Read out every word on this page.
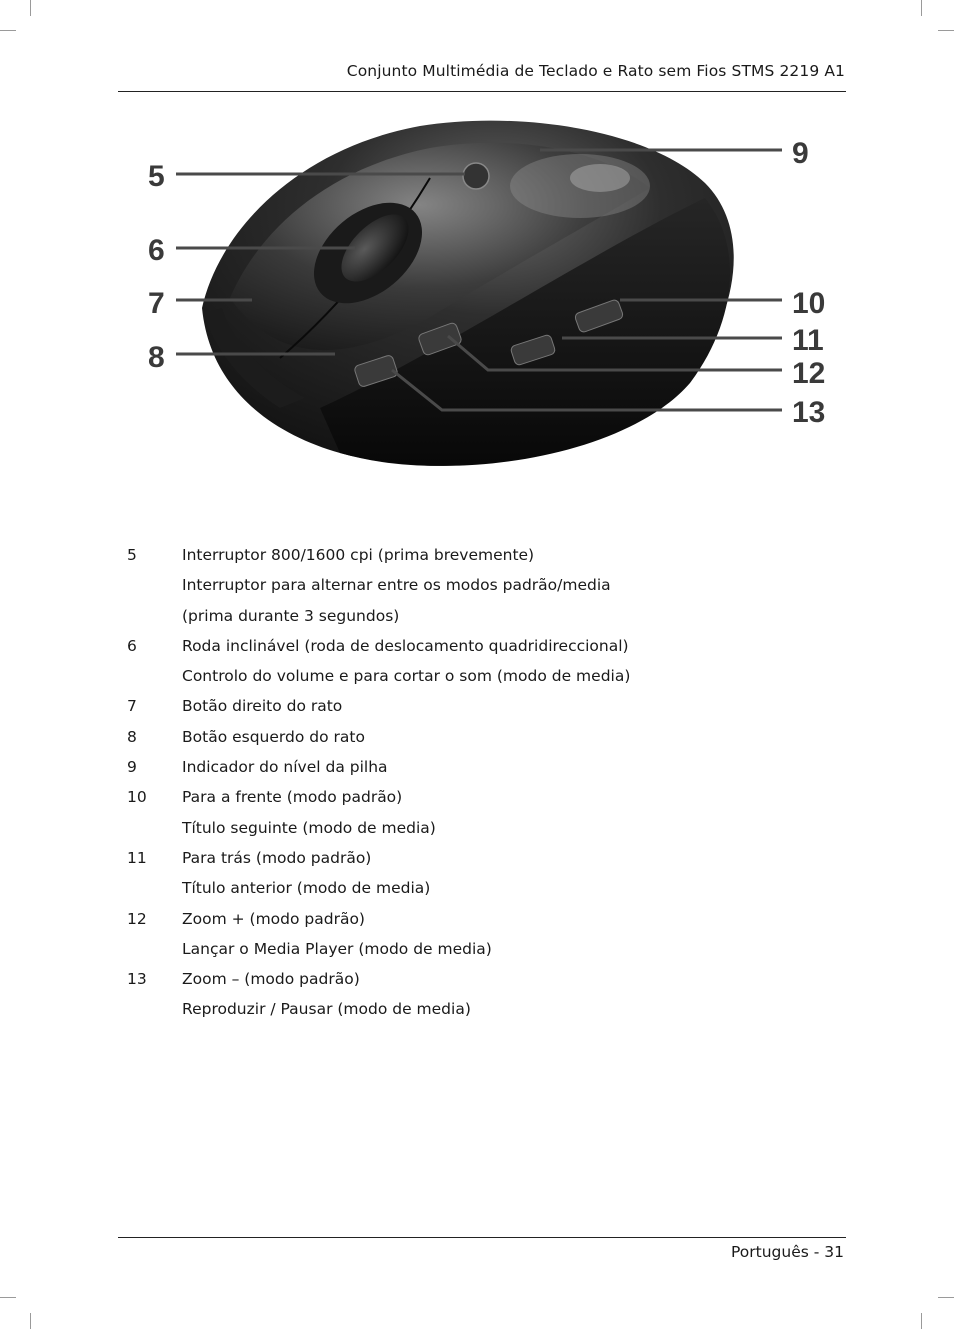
Conjunto Multimédia de Teclado e Rato sem Fios STMS 2219 A1
5
6
7
8
9
10
11
12
13
5	Interruptor 800/1600 cpi (prima brevemente)
Interruptor para alternar entre os modos padrão/media
(prima durante 3 segundos)
6	Roda inclinável (roda de deslocamento quadridireccional)
Controlo do volume e para cortar o som (modo de media)
7	Botão direito do rato
8	Botão esquerdo do rato
9	Indicador do nível da pilha
10 Para a frente (modo padrão)
Título seguinte (modo de media)
11 Para trás (modo padrão)
Título anterior (modo de media)
12 Zoom + (modo padrão)
Lançar o Media Player (modo de media)
13 Zoom – (modo padrão)
Reproduzir / Pausar (modo de media)
Português - 31
